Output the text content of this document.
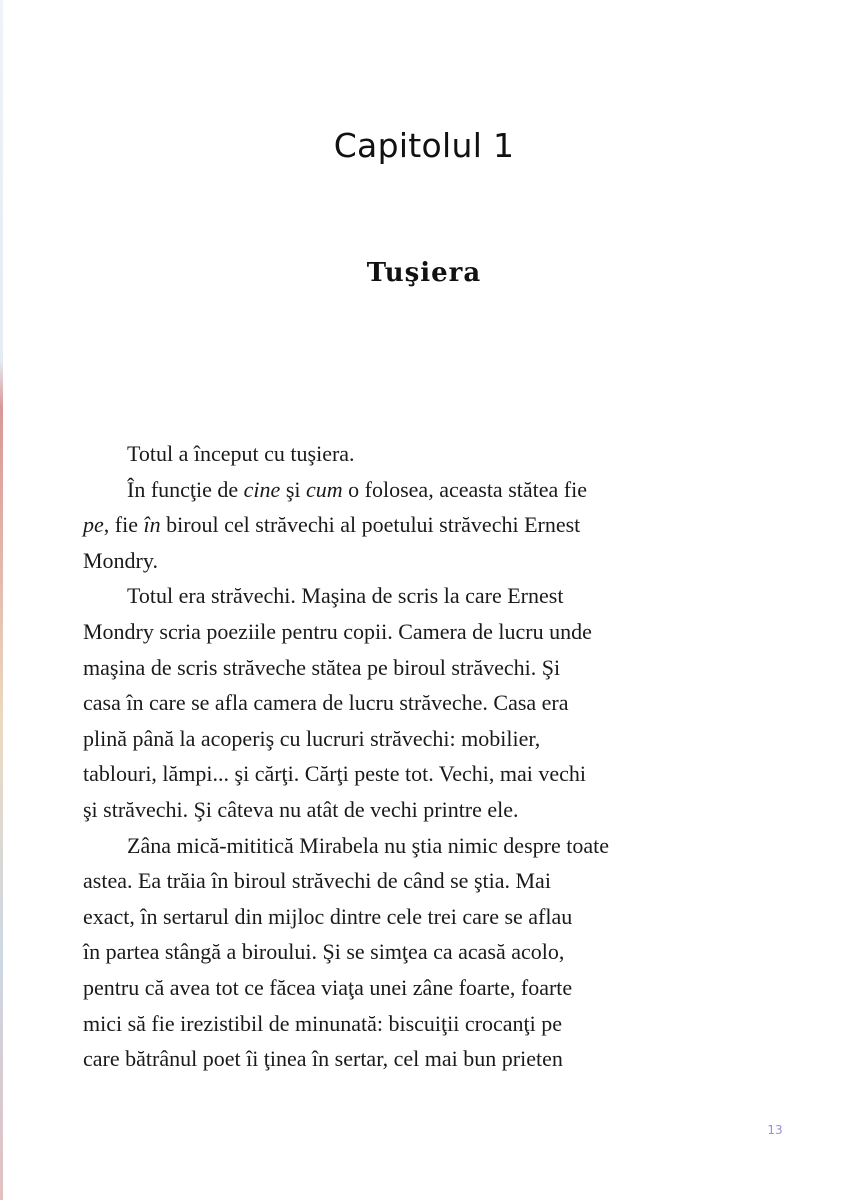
Capitolul 1
Tuşiera

Totul a început cu tuşiera.

În funcţie de cine şi cum o folosea, aceasta stătea fie
pe, fie în biroul cel străvechi al poetului străvechi Ernest
Mondry.

Totul era străvechi. Maşina de scris la care Ernest
Mondry scria poeziile pentru copii. Camera de lucru unde
maşina de scris străveche stătea pe biroul străvechi. Şi
casa în care se afla camera de lucru străveche. Casa era
plină până la acoperiş cu lucruri străvechi: mobilier,
tablouri, lămpi... şi cărţi. Cărţi peste tot. Vechi, mai vechi
şi străvechi. Şi câteva nu atât de vechi printre ele.

Zâna mică-mititică Mirabela nu ştia nimic despre toate
astea. Ea trăia în biroul străvechi de când se ştia. Mai
exact, în sertarul din mijloc dintre cele trei care se aflau
în partea stângă a biroului. Şi se simţea ca acasă acolo,
pentru că avea tot ce făcea viaţa unei zâne foarte, foarte
mici să fie irezistibil de minunată: biscuiţii crocanţi pe
care bătrânul poet îi ţinea în sertar, cel mai bun prieten

13
